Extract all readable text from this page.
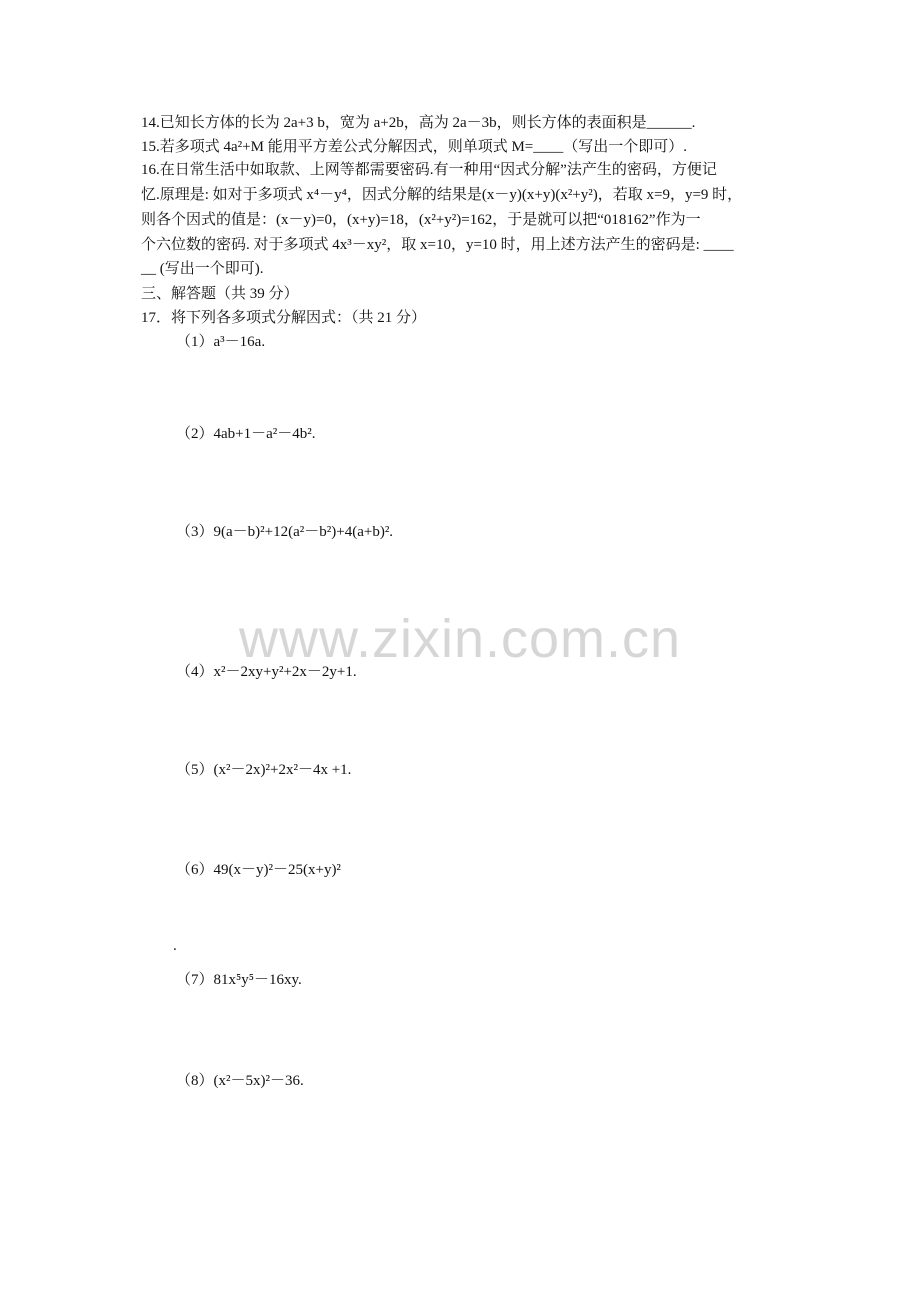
14.已知长方体的长为 2a+3 b，宽为 a+2b，高为 2a－3b，则长方体的表面积是______.
15.若多项式 4a²+M 能用平方差公式分解因式，则单项式 M=____（写出一个即可）.
16.在日常生活中如取款、上网等都需要密码.有一种用“因式分解”法产生的密码，方便记
忆.原理是: 如对于多项式 x⁴－y⁴，因式分解的结果是(x－y)(x+y)(x²+y²)，若取 x=9，y=9 时，
则各个因式的值是：(x－y)=0，(x+y)=18，(x²+y²)=162，于是就可以把“018162”作为一
个六位数的密码. 对于多项式 4x³－xy²，取 x=10，y=10 时，用上述方法产生的密码是: ____
__ (写出一个即可).
三、解答题（共 39 分）
17．将下列各多项式分解因式：（共 21 分）
（1）a³－16a.
（2）4ab+1－a²－4b².
（3）9(a－b)²+12(a²－b²)+4(a+b)².
www.zixin.com.cn
（4）x²－2xy+y²+2x－2y+1.
（5）(x²－2x)²+2x²－4x +1.
（6）49(x－y)²－25(x+y)²
.
（7）81x⁵y⁵－16xy.
（8）(x²－5x)²－36.
